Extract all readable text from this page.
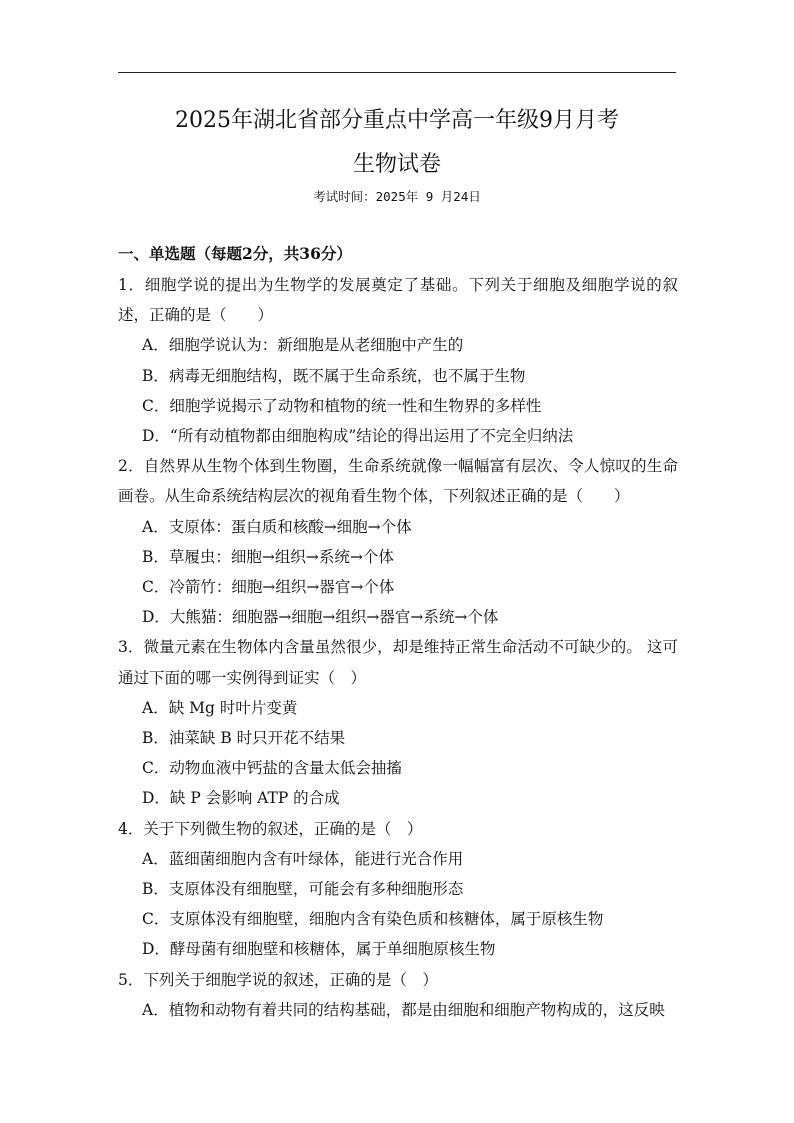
2025年湖北省部分重点中学高一年级9月月考
生物试卷
考试时间：2025年 9 月24日
一、单选题（每题2分，共36分）

1．细胞学说的提出为生物学的发展奠定了基础。下列关于细胞及细胞学说的叙述，正确的是（　　）

A．细胞学说认为：新细胞是从老细胞中产生的

B．病毒无细胞结构，既不属于生命系统，也不属于生物

C．细胞学说揭示了动物和植物的统一性和生物界的多样性

D．“所有动植物都由细胞构成”结论的得出运用了不完全归纳法

2．自然界从生物个体到生物圈，生命系统就像一幅幅富有层次、令人惊叹的生命画卷。从生命系统结构层次的视角看生物个体，下列叙述正确的是（　　）

A．支原体：蛋白质和核酸→细胞→个体

B．草履虫：细胞→组织→系统→个体

C．冷箭竹：细胞→组织→器官→个体

D．大熊猫：细胞器→细胞→组织→器官→系统→个体

3．微量元素在生物体内含量虽然很少，却是维持正常生命活动不可缺少的。 这可通过下面的哪一实例得到证实（　）

A．缺 Mg 时叶片变黄

B．油菜缺 B 时只开花不结果

C．动物血液中钙盐的含量太低会抽搐

D．缺 P 会影响 ATP 的合成

4．关于下列微生物的叙述，正确的是（　）

A．蓝细菌细胞内含有叶绿体，能进行光合作用

B．支原体没有细胞壁，可能会有多种细胞形态

C．支原体没有细胞壁，细胞内含有染色质和核糖体，属于原核生物

D．酵母菌有细胞壁和核糖体，属于单细胞原核生物

5．下列关于细胞学说的叙述，正确的是（　）

A．植物和动物有着共同的结构基础，都是由细胞和细胞产物构成的，这反映
